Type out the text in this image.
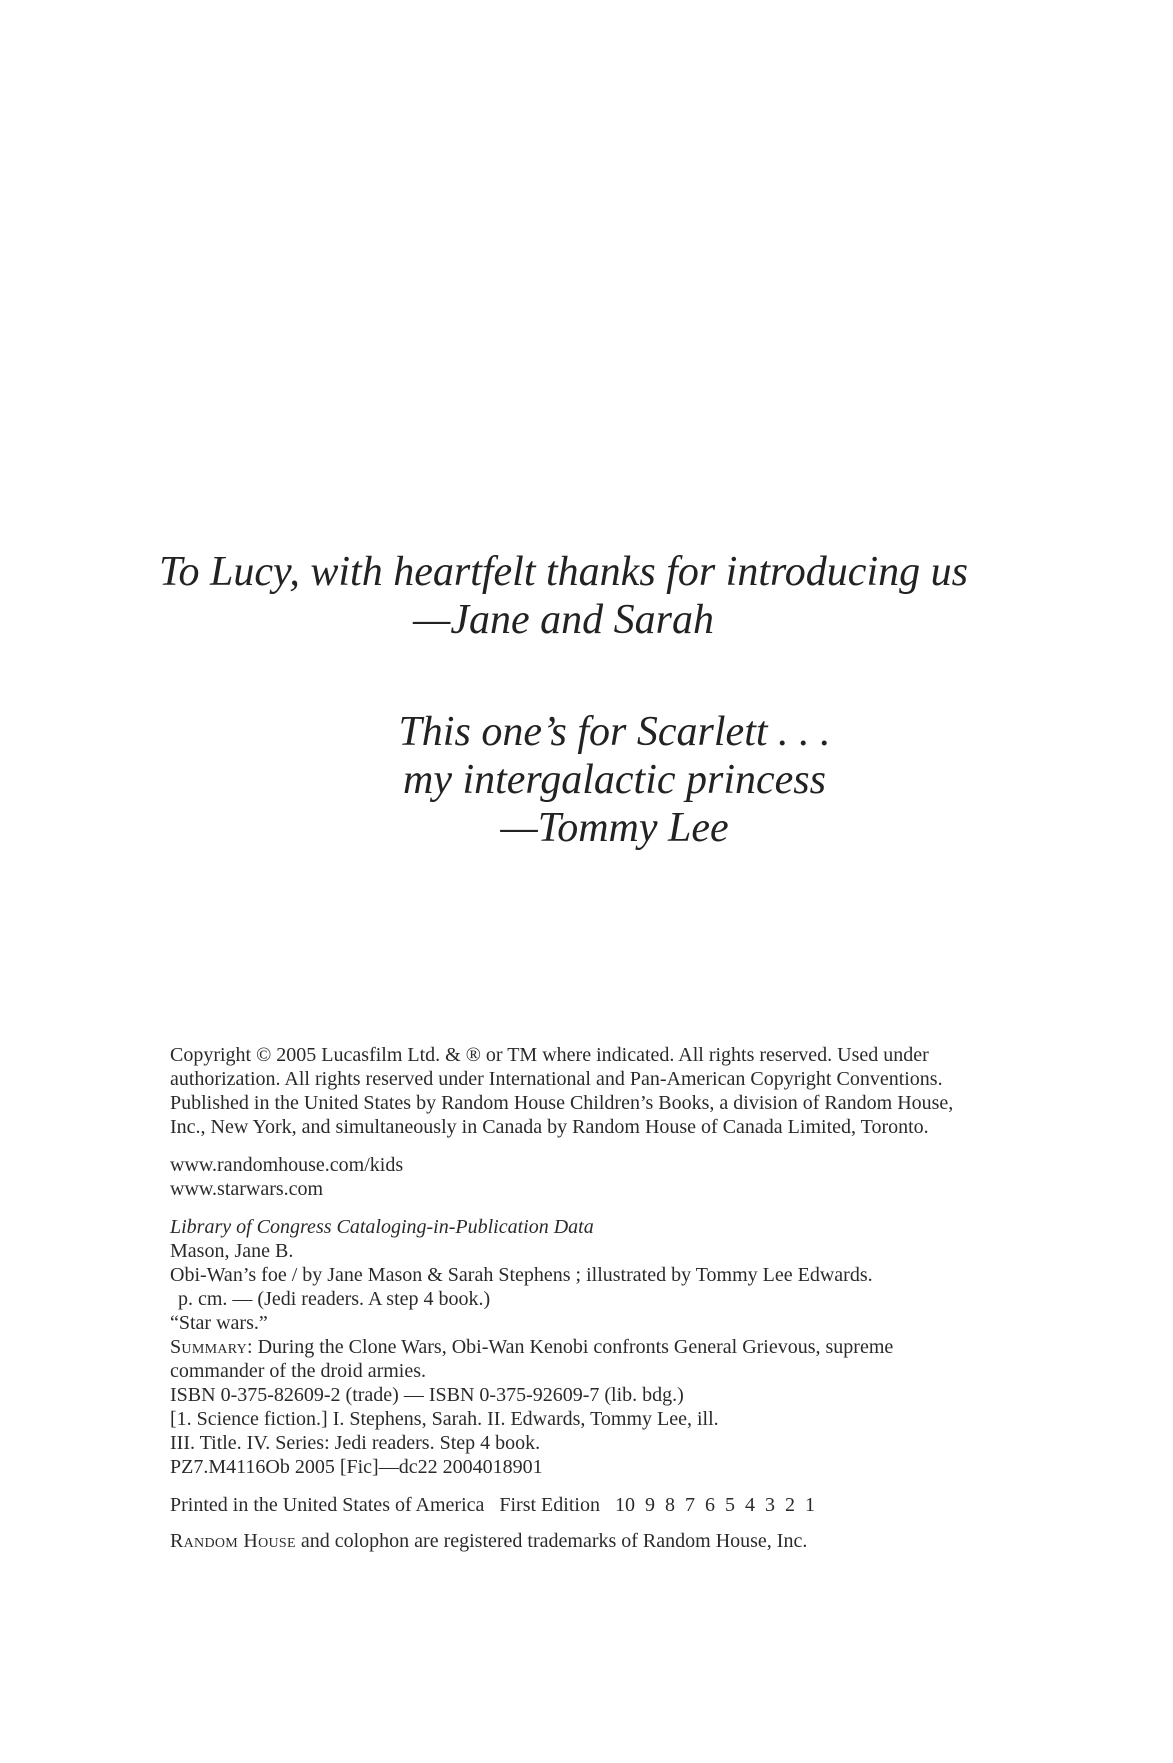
To Lucy, with heartfelt thanks for introducing us
—Jane and Sarah
This one’s for Scarlett . . .
my intergalactic princess
—Tommy Lee

Copyright © 2005 Lucasfilm Ltd. & ® or TM where indicated. All rights reserved. Used under
authorization. All rights reserved under International and Pan-American Copyright Conventions.
Published in the United States by Random House Children’s Books, a division of Random House,
Inc., New York, and simultaneously in Canada by Random House of Canada Limited, Toronto.

www.randomhouse.com/kids
www.starwars.com

Library of Congress Cataloging-in-Publication Data
Mason, Jane B.
Obi-Wan’s foe / by Jane Mason & Sarah Stephens ; illustrated by Tommy Lee Edwards.
p. cm. — (Jedi readers. A step 4 book.)
“Star wars.”
Summary: During the Clone Wars, Obi-Wan Kenobi confronts General Grievous, supreme
commander of the droid armies.
ISBN 0-375-82609-2 (trade) — ISBN 0-375-92609-7 (lib. bdg.)
[1. Science fiction.] I. Stephens, Sarah. II. Edwards, Tommy Lee, ill.
III. Title. IV. Series: Jedi readers. Step 4 book.
PZ7.M4116Ob 2005 [Fic]—dc22 2004018901

Printed in the United States of America   First Edition   10  9  8  7  6  5  4  3  2  1

Random House and colophon are registered trademarks of Random House, Inc.
